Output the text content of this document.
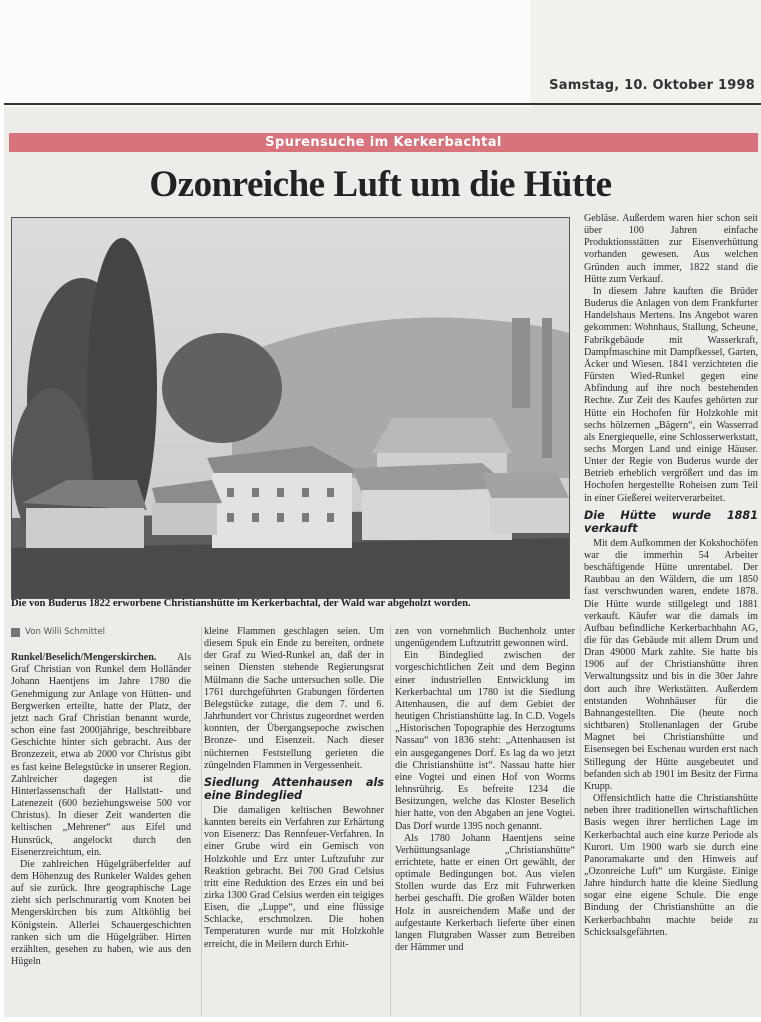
Samstag, 10. Oktober 1998
Spurensuche im Kerkerbachtal
Ozonreiche Luft um die Hütte
Die von Buderus 1822 erworbene Christianshütte im Kerkerbachtal, der Wald war abgeholzt worden.
Von Willi Schmittel

Runkel/Beselich/Mengerskirchen. Als Graf Christian von Runkel dem Holländer Johann Haentjens im Jahre 1780 die Genehmigung zur Anlage von Hütten- und Bergwerken erteilte, hatte der Platz, der jetzt nach Graf Christian benannt wurde, schon eine fast 2000jährige, beschreibbare Geschichte hinter sich gebracht. Aus der Bronzezeit, etwa ab 2000 vor Christus gibt es fast keine Belegstücke in unserer Region. Zahlreicher dagegen ist die Hinterlassenschaft der Hallstatt- und Latenezeit (600 beziehungsweise 500 vor Christus). In dieser Zeit wanderten die keltischen „Mehrener“ aus Eifel und Hunsrück, angelockt durch den Eisenerzreichtum, ein.

Die zahlreichen Hügelgräberfelder auf dem Höhenzug des Runkeler Waldes gehen auf sie zurück. Ihre geographische Lage zieht sich perlschnurartig vom Knoten bei Mengerskirchen bis zum Altköhlig bei Königstein. Allerlei Schauergeschichten ranken sich um die Hügelgräber. Hirten erzählten, gesehen zu haben, wie aus den Hügeln

kleine Flammen geschlagen seien. Um diesem Spuk ein Ende zu bereiten, ordnete der Graf zu Wied-Runkel an, daß der in seinen Diensten stehende Regierungsrat Mülmann die Sache untersuchen solle. Die 1761 durchgeführten Grabungen förderten Belegstücke zutage, die dem 7. und 6. Jahrhundert vor Christus zugeordnet werden konnten, der Übergangsepoche zwischen Bronze- und Eisenzeit. Nach dieser nüchternen Feststellung gerieten die züngelnden Flammen in Vergessenheit.

Siedlung Attenhausen als eine Bindeglied

Die damaligen keltischen Bewohner kannten bereits ein Verfahren zur Erhärtung von Eisenerz: Das Rennfeuer-Verfahren. In einer Grube wird ein Gemisch von Holzkohle und Erz unter Luftzufuhr zur Reaktion gebracht. Bei 700 Grad Celsius tritt eine Reduktion des Erzes ein und bei zirka 1300 Grad Celsius werden ein teigiges Eisen, die „Luppe“, und eine flüssige Schlacke, erschmolzen. Die hohen Temperaturen wurde nur mit Holzkohle erreicht, die in Meilern durch Erhit-

zen von vornehmlich Buchenholz unter ungenügendem Luftzutritt gewonnen wird.

Ein Bindeglied zwischen der vorgeschichtlichen Zeit und dem Beginn einer industriellen Entwicklung im Kerkerbachtal um 1780 ist die Siedlung Attenhausen, die auf dem Gebiet der heutigen Christianshütte lag. In C.D. Vogels „Historischen Topographie des Herzogtums Nassau“ von 1836 steht: „Attenhausen ist ein ausgegangenes Dorf. Es lag da wo jetzt die Christianshütte ist“. Nassau hatte hier eine Vogtei und einen Hof von Worms lehnsrührig. Es befreite 1234 die Besitzungen, welche das Kloster Beselich hier hatte, von den Abgaben an jene Vogtei. Das Dorf wurde 1395 noch genannt.

Als 1780 Johann Haentjens seine Verhüttungsanlage „Christianshütte“ errichtete, hatte er einen Ort gewählt, der optimale Bedingungen bot. Aus vielen Stollen wurde das Erz mit Fuhrwerken herbei geschafft. Die großen Wälder boten Holz in ausreichendem Maße und der aufgestaute Kerkerbach lieferte über einen langen Flutgraben Wasser zum Betreiben der Hämmer und

Gebläse. Außerdem waren hier schon seit über 100 Jahren einfache Produktionsstätten zur Eisenverhüttung vorhanden gewesen. Aus welchen Gründen auch immer, 1822 stand die Hütte zum Verkauf.

In diesem Jahre kauften die Brüder Buderus die Anlagen von dem Frankfurter Handelshaus Mertens. Ins Angebot waren gekommen: Wohnhaus, Stallung, Scheune, Fabrikgebäude mit Wasserkraft, Dampfmaschine mit Dampfkessel, Garten, Äcker und Wiesen. 1841 verzichteten die Fürsten Wied-Runkel gegen eine Abfindung auf ihre noch bestehenden Rechte. Zur Zeit des Kaufes gehörten zur Hütte ein Hochofen für Holzkohle mit sechs hölzernen „Bägern“, ein Wasserrad als Energiequelle, eine Schlosserwerkstatt, sechs Morgen Land und einige Häuser. Unter der Regie von Buderus wurde der Betrieb erheblich vergrößert und das im Hochofen hergestellte Roheisen zum Teil in einer Gießerei weiterverarbeitet.

Die Hütte wurde 1881 verkauft

Mit dem Aufkommen der Kokshochöfen war die immerhin 54 Arbeiter beschäftigende Hütte unrentabel. Der Raubbau an den Wäldern, die um 1850 fast verschwunden waren, endete 1878. Die Hütte wurde stillgelegt und 1881 verkauft. Käufer war die damals im Aufbau befindliche Kerkerbachbahn AG, die für das Gebäude mit allem Drum und Dran 49000 Mark zahlte. Sie hatte bis 1906 auf der Christianshütte ihren Verwaltungssitz und bis in die 30er Jahre dort auch ihre Werkstätten. Außerdem entstanden Wohnhäuser für die Bahnangestellten. Die (heute noch sichtbaren) Stollenanlagen der Grube Magnet bei Christianshütte und Eisensegen bei Eschenau wurden erst nach Stillegung der Hütte ausgebeutet und befanden sich ab 1901 im Besitz der Firma Krupp.

Offensichtlich hatte die Christianshütte neben ihrer traditionellen wirtschaftlichen Basis wegen ihrer herrlichen Lage im Kerkerbachtal auch eine kurze Periode als Kurort. Um 1900 warb sie durch eine Panoramakarte und den Hinweis auf „Ozonreiche Luft“ um Kurgäste. Einige Jahre hindurch hatte die kleine Siedlung sogar eine eigene Schule. Die enge Bindung der Christianshütte an die Kerkerbachbahn machte beide zu Schicksalsgefährten.
